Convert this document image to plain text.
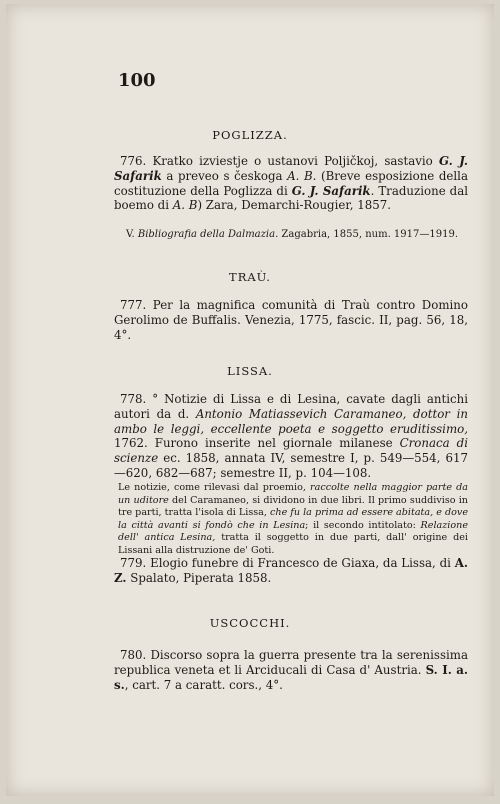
100
POGLIZZA.
776. Kratko izviestje o ustanovi Poljičkoj, sastavio G. J. Safarik a preveo s českoga A. B. (Breve esposizione della costituzione della Poglizza di G. J. Safarik. Traduzione dal boemo di A. B) Zara, Demarchi-Rougier, 1857.
V. Bibliografia della Dalmazia. Zagabria, 1855, num. 1917—1919.
TRAÙ.
777. Per la magnifica comunità di Traù contro Domino Gerolimo de Buffalis. Venezia, 1775, fascic. II, pag. 56, 18, 4°.
LISSA.
778. ° Notizie di Lissa e di Lesina, cavate dagli antichi autori da d. Antonio Matiassevich Caramaneo, dottor in ambo le leggi, eccellente poeta e soggetto eruditissimo, 1762. Furono inserite nel giornale milanese Cronaca di scienze ec. 1858, annata IV, semestre I, p. 549—554, 617—620, 682—687; semestre II, p. 104—108.
Le notizie, come rilevasi dal proemio, raccolte nella maggior parte da un uditore del Caramaneo, si dividono in due libri. Il primo suddiviso in tre parti, tratta l'isola di Lissa, che fu la prima ad essere abitata, e dove la città avanti si fondò che in Lesina; il secondo intitolato: Relazione dell' antica Lesina, tratta il soggetto in due parti, dall' origine dei Lissani alla distruzione de' Goti.
779. Elogio funebre di Francesco de Giaxa, da Lissa, di A. Z. Spalato, Piperata 1858.
USCOCCHI.
780. Discorso sopra la guerra presente tra la serenissima republica veneta et li Arciducali di Casa d' Austria. S. I. a. s., cart. 7 a caratt. cors., 4°.
